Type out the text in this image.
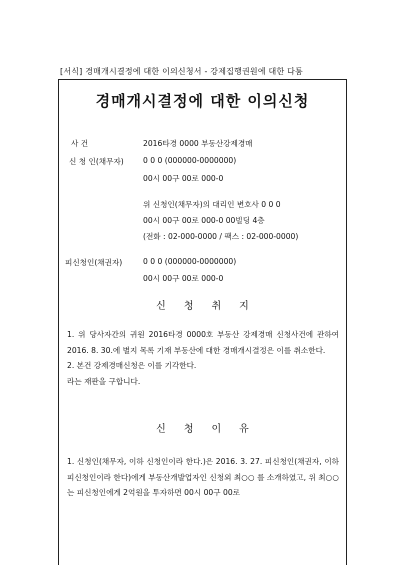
[서식] 경매개시결정에 대한 이의신청서 - 강제집행권원에 대한 다툼
경매개시결정에 대한 이의신청
사 건	2016타경 0000 부동산강제경매
신 청 인(채무자)	0 0 0 (000000-0000000)
00시 00구 00로 000-0
위 신청인(채무자)의 대리인 변호사 0 0 0
00시 00구 00로 000-0 00빌딩 4층
(전화 : 02-000-0000 / 팩스 : 02-000-0000)
피신청인(채권자)	0 0 0 (000000-0000000)
00시 00구 00로 000-0
신청취지

1. 위 당사자간의 귀원 2016타경 0000호 부동산 강제경매 신청사건에 관하여 2016. 8. 30.에 별지 목록 기재 부동산에 대한 경매개시결정은 이를 취소한다.

2. 본건 강제경매신청은 이를 기각한다.

라는 재판을 구합니다.

신청이유

1. 신청인(채무자, 이하 신청인이라 한다.)은 2016. 3. 27. 피신청인(채권자, 이하 피신청인이라 한다)에게 부동산개발업자인 신청외 최○○ 를 소개하였고, 위 최○○ 는 피신청인에게 2억원을 투자하면 00시 00구 00로
